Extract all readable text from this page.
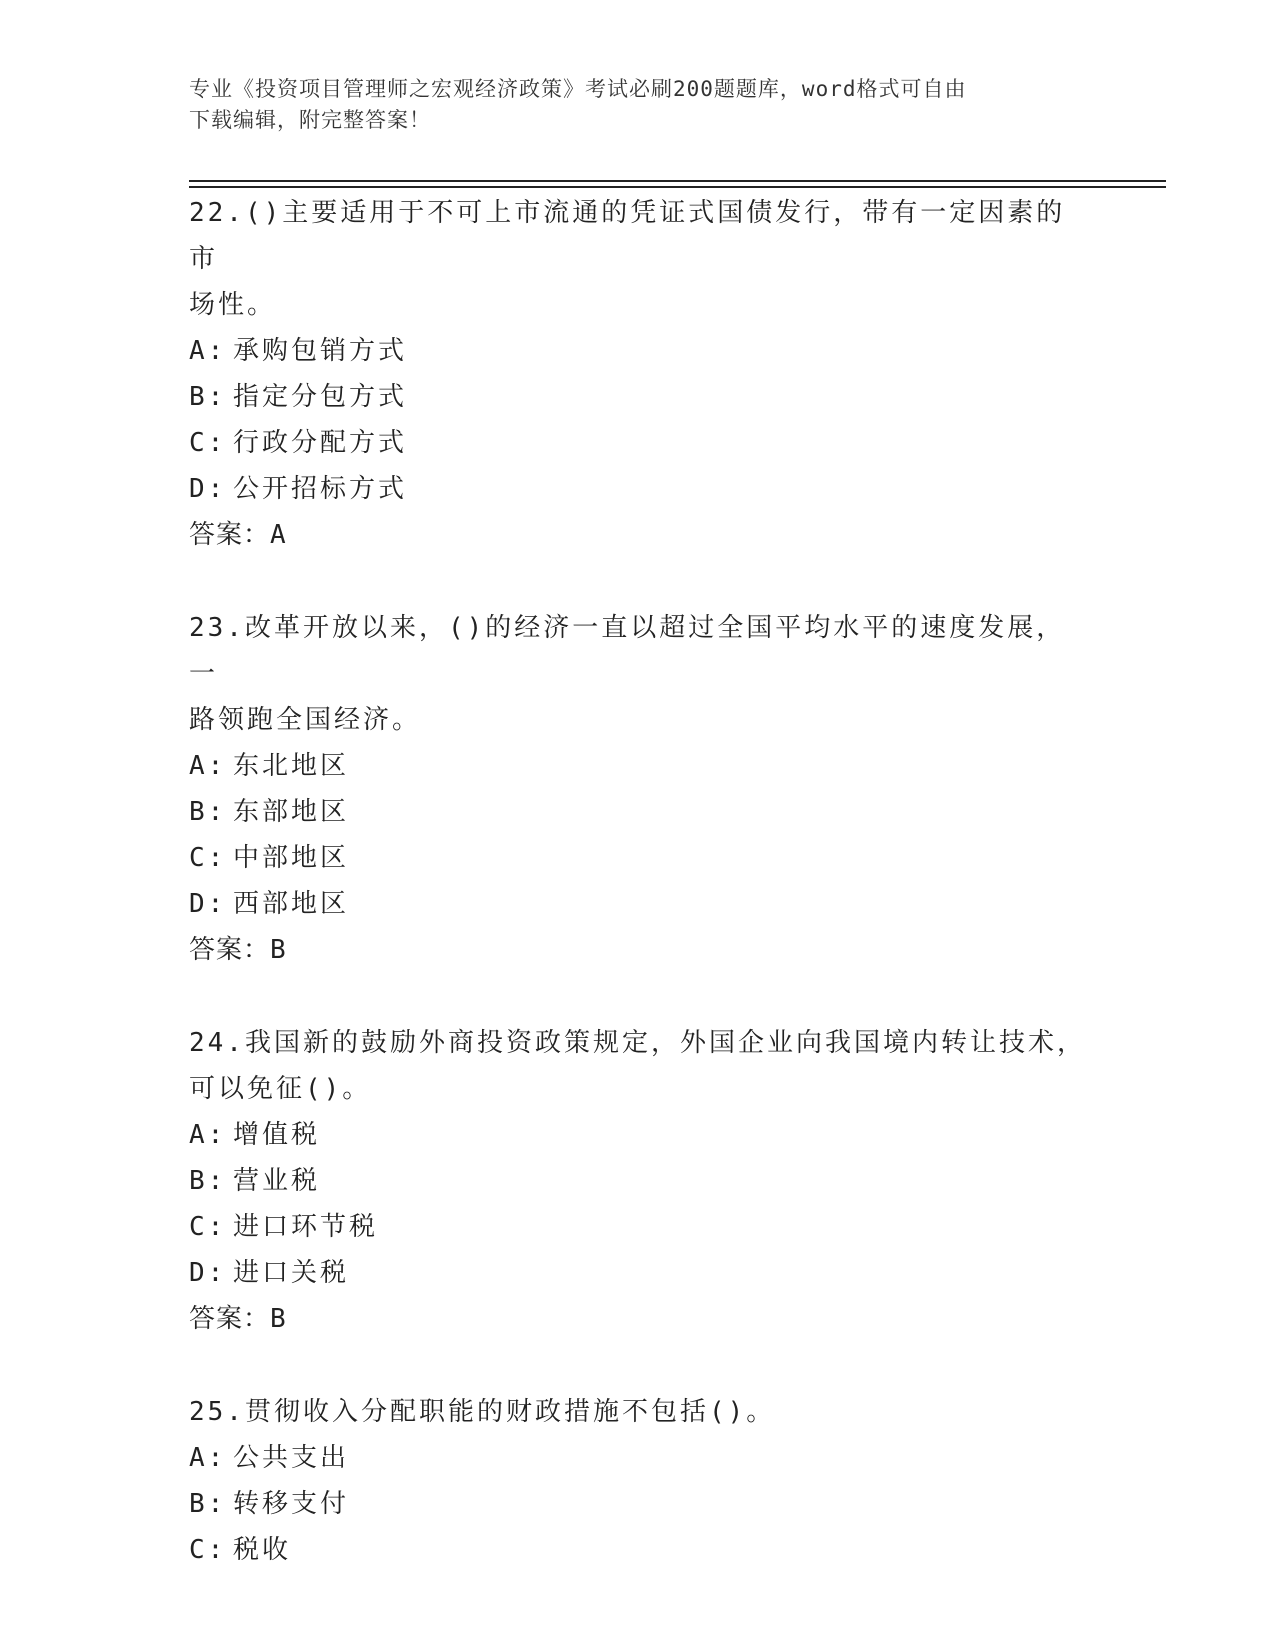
专业《投资项目管理师之宏观经济政策》考试必刷200题题库，word格式可自由
下载编辑，附完整答案！
22.()主要适用于不可上市流通的凭证式国债发行，带有一定因素的市
场性。
A: 承购包销方式
B: 指定分包方式
C: 行政分配方式
D: 公开招标方式
答案： A
23.改革开放以来，()的经济一直以超过全国平均水平的速度发展，一
路领跑全国经济。
A: 东北地区
B: 东部地区
C: 中部地区
D: 西部地区
答案： B
24.我国新的鼓励外商投资政策规定，外国企业向我国境内转让技术，
可以免征()。
A: 增值税
B: 营业税
C: 进口环节税
D: 进口关税
答案： B
25.贯彻收入分配职能的财政措施不包括()。
A: 公共支出
B: 转移支付
C: 税收
